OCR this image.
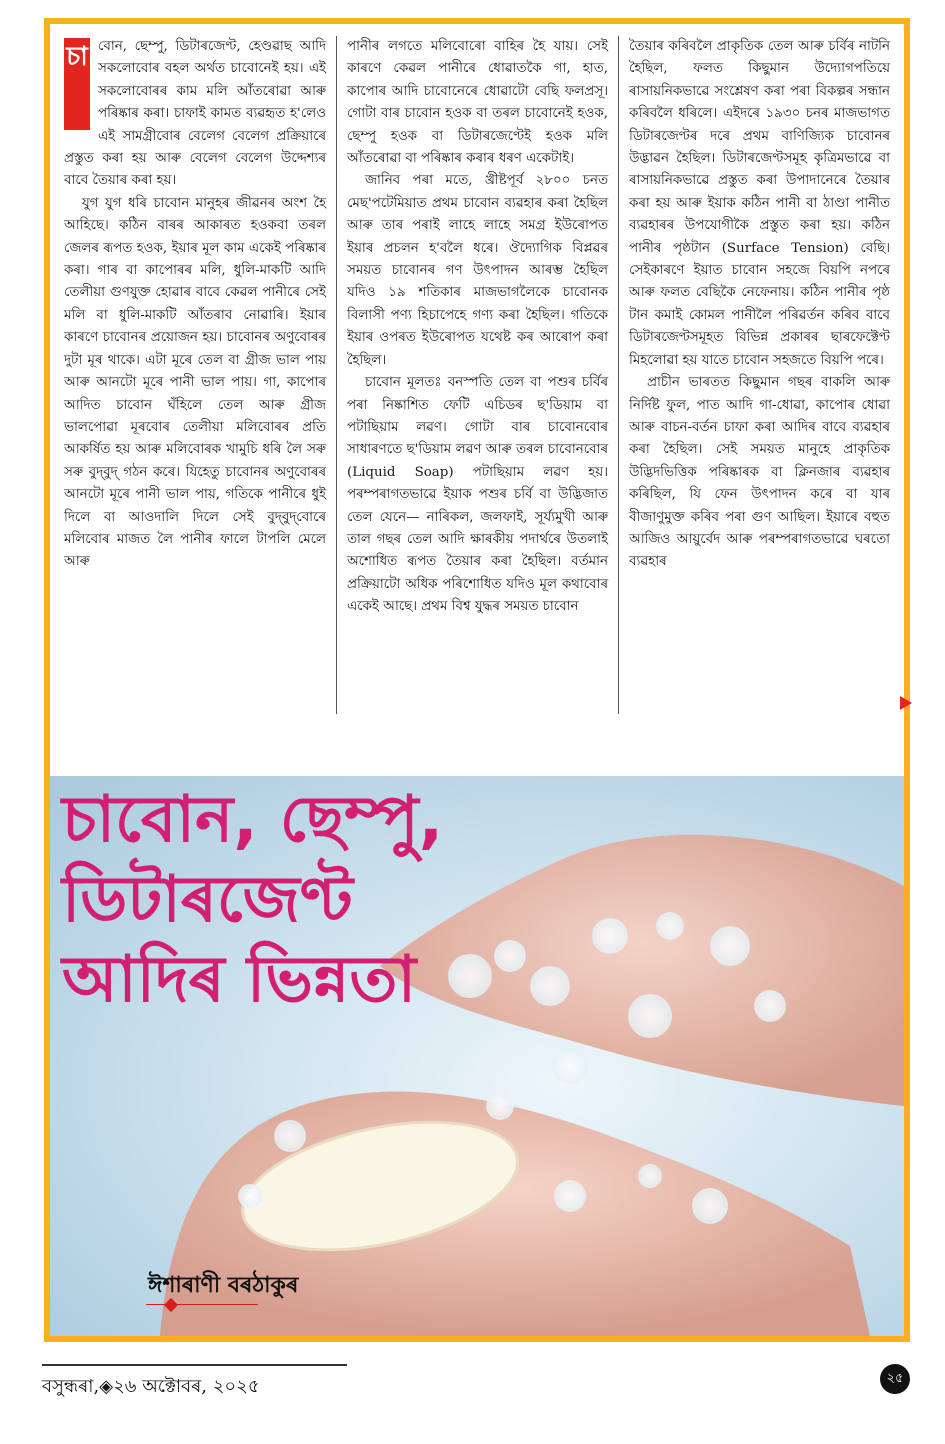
চা বোন, ছেম্পু, ডিটাৰজেণ্ট, হেণ্ডৱাছ আদি সকলোবোৰ বহল অৰ্থত চাবোনেই হয়। এই সকলোবোৰৰ কাম মলি আঁতৰোৱা আৰু পৰিষ্কাৰ কৰা। চাফাই কামত ব্যৱহৃত হ'লেও এই সামগ্ৰীবোৰ বেলেগ বেলেগ প্ৰক্ৰিয়াৰে প্ৰস্তুত কৰা হয় আৰু বেলেগ বেলেগ উদ্দেশ্যৰ বাবে তৈয়াৰ কৰা হয়।

যুগ যুগ ধৰি চাবোন মানুহৰ জীৱনৰ অংশ হৈ আহিছে। কঠিন বাৰৰ আকাৰত হওকবা তৰল জেলৰ ৰূপত হওক, ইয়াৰ মূল কাম একেই পৰিষ্কাৰ কৰা। গাৰ বা কাপোৰৰ মলি, ধুলি-মাকটি আদি তেলীয়া গুণযুক্ত হোৱাৰ বাবে কেৱল পানীৰে সেই মলি বা ধুলি-মাকটি আঁতৰাব নোৱাৰি। ইয়াৰ কাৰণে চাবোনৰ প্ৰয়োজন হয়। চাবোনৰ অণুবোৰৰ দুটা মূৰ থাকে। এটা মূৰে তেল বা গ্ৰীজ ভাল পায় আৰু আনটো মূৰে পানী ভাল পায়। গা, কাপোৰ আদিত চাবোন ঘঁহিলে তেল আৰু গ্ৰীজ ভালপোৱা মূৰবোৰ তেলীয়া মলিবোৰৰ প্ৰতি আকৰ্ষিত হয় আৰু মলিবোৰক খামুচি ধৰি লৈ সৰু সৰু বুদ্‌বুদ্‌ গঠন কৰে। যিহেতু চাবোনৰ অণুবোৰৰ আনটো মূৰে পানী ভাল পায়, গতিকে পানীৰে ধুই দিলে বা আওদালি দিলে সেই বুদ্‌বুদ্‌বোৰে মলিবোৰ মাজত লৈ পানীৰ ফালে টাপলি মেলে আৰু

পানীৰ লগতে মলিবোৰো বাহিৰ হৈ যায়। সেই কাৰণে কেৱল পানীৰে ধোৱাতকৈ গা, হাত, কাপোৰ আদি চাবোনেৰে ধোৱাটো বেছি ফলপ্ৰসূ। গোটা বাৰ চাবোন হওক বা তৰল চাবোনেই হওক, ছেম্পু হওক বা ডিটাৰজেণ্টেই হওক মলি আঁতৰোৱা বা পৰিষ্কাৰ কৰাৰ ধৰণ একেটাই।

জানিব পৰা মতে, খ্ৰীষ্টপূৰ্ব ২৮০০ চনত মেছ'পটেমিয়াত প্ৰথম চাবোন ব্যৱহাৰ কৰা হৈছিল আৰু তাৰ পৰাই লাহে লাহে সমগ্ৰ ইউৰোপত ইয়াৰ প্ৰচলন হ'বলৈ ধৰে। ঔদ্যোগিক বিপ্লৱৰ সময়ত চাবোনৰ গণ উৎপাদন আৰম্ভ হৈছিল যদিও ১৯ শতিকাৰ মাজভাগলৈকে চাবোনক বিলাসী পণ্য হিচাপেহে গণ্য কৰা হৈছিল। গতিকে ইয়াৰ ওপৰত ইউৰোপত যথেষ্ট কৰ আৰোপ কৰা হৈছিল।

চাবোন মূলতঃ বনস্পতি তেল বা পশুৰ চৰ্বিৰ পৰা নিষ্কাশিত ফেটি এচিডৰ ছ'ডিয়াম বা পটাছিয়াম লৱণ। গোটা বাৰ চাবোনবোৰ সাধাৰণতে ছ'ডিয়াম লৱণ আৰু তৰল চাবোনবোৰ (Liquid Soap) পটাছিয়াম লৱণ হয়। পৰম্পৰাগতভাৱে ইয়াক পশুৰ চৰ্বি বা উদ্ভিজাত তেল যেনে— নাৰিকল, জলফাই, সূৰ্য্যমুখী আৰু তাল গছৰ তেল আদি ক্ষাৰকীয় পদাৰ্থৰে উতলাই অশোধিত ৰূপত তৈয়াৰ কৰা হৈছিল। বৰ্তমান প্ৰক্ৰিয়াটো অধিক পৰিশোধিত যদিও মূল কথাবোৰ একেই আছে। প্ৰথম বিশ্ব যুদ্ধৰ সময়ত চাবোন

তৈয়াৰ কৰিবলৈ প্ৰাকৃতিক তেল আৰু চৰ্বিৰ নাটনি হৈছিল, ফলত কিছুমান উদ্যোগপতিয়ে ৰাসায়নিকভাৱে সংশ্লেষণ কৰা পৰা বিকল্পৰ সন্ধান কৰিবলৈ ধৰিলে। এইদৰে ১৯৩০ চনৰ মাজভাগত ডিটাৰজেণ্টৰ দৰে প্ৰথম বাণিজ্যিক চাবোনৰ উদ্ভাৱন হৈছিল। ডিটাৰজেণ্টসমূহ কৃত্ৰিমভাৱে বা ৰাসায়নিকভাৱে প্ৰস্তুত কৰা উপাদানেৰে তৈয়াৰ কৰা হয় আৰু ইয়াক কঠিন পানী বা ঠাণ্ডা পানীত ব্যৱহাৰৰ উপযোগীকৈ প্ৰস্তুত কৰা হয়। কঠিন পানীৰ পৃষ্ঠটান (Surface Tension) বেছি। সেইকাৰণে ইয়াত চাবোন সহজে বিয়পি নপৰে আৰু ফলত বেছিকৈ নেফেনায়। কঠিন পানীৰ পৃষ্ঠ টান কমাই কোমল পানীলৈ পৰিৱৰ্তন কৰিব বাবে ডিটাৰজেণ্টসমূহত বিভিন্ন প্ৰকাৰৰ ছাৰফেক্টেণ্ট মিহলোৱা হয় যাতে চাবোন সহজতে বিয়পি পৰে।

প্ৰাচীন ভাৰতত কিছুমান গছৰ বাকলি আৰু নিৰ্দিষ্ট ফুল, পাত আদি গা-ধোৱা, কাপোৰ ধোৱা আৰু বাচন-বৰ্তন চাফা কৰা আদিৰ বাবে ব্যৱহাৰ কৰা হৈছিল। সেই সময়ত মানুহে প্ৰাকৃতিক উদ্ভিদভিত্তিক পৰিষ্কাৰক বা ক্লিনজাৰ ব্যৱহাৰ কৰিছিল, যি ফেন উৎপাদন কৰে বা যাৰ বীজাণুমুক্ত কৰিব পৰা গুণ আছিল। ইয়াৰে বহুত আজিও আয়ুৰ্বেদ আৰু পৰম্পৰাগতভাৱে ঘৰতো ব্যৱহাৰ

চাবোন, ছেম্পু,
ডিটাৰজেণ্ট
আদিৰ ভিন্নতা
ঈশাৰাণী বৰঠাকুৰ
বসুন্ধৰা,◈২৬ অক্টোবৰ, ২০২৫	২৫
